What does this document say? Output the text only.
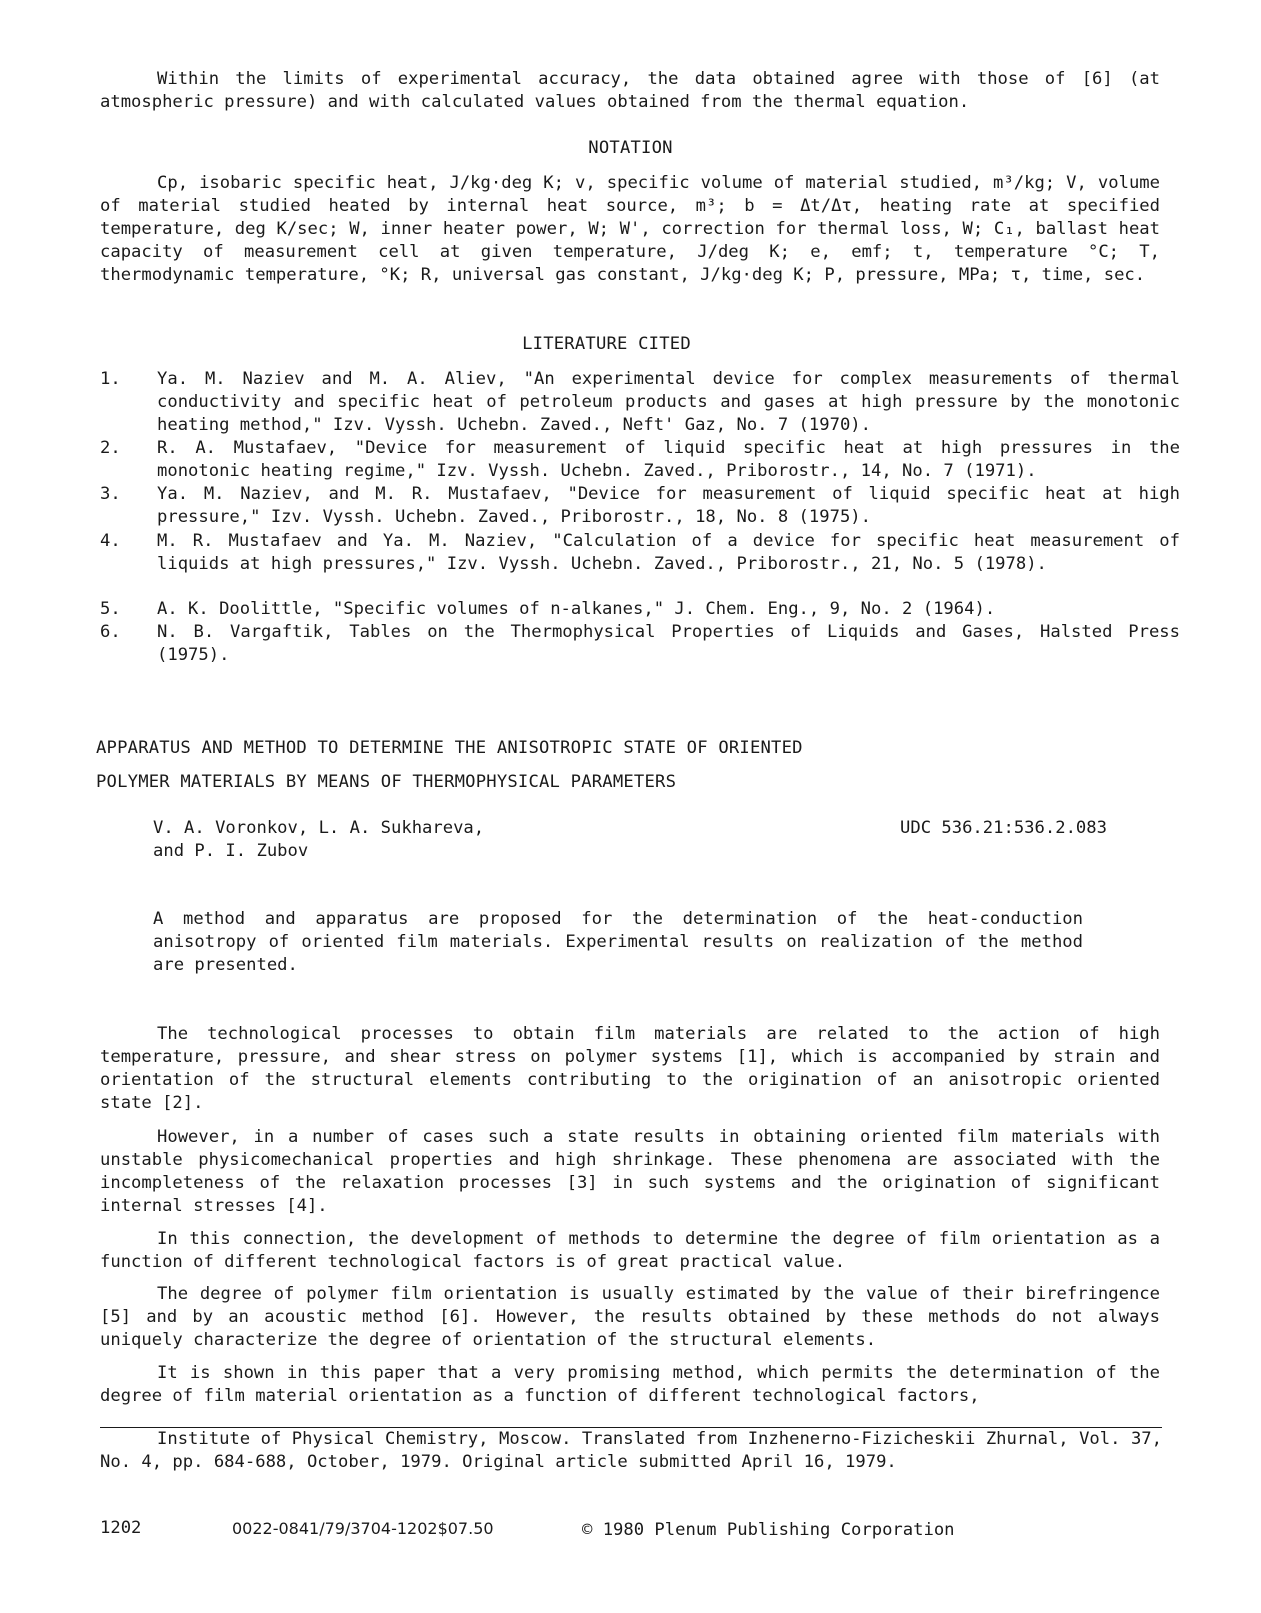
Within the limits of experimental accuracy, the data obtained agree with those of [6] (at atmospheric pressure) and with calculated values obtained from the thermal equation.

NOTATION

Cp, isobaric specific heat, J/kg·deg K; v, specific volume of material studied, m³/kg; V, volume of material studied heated by internal heat source, m³; b = Δt/Δτ, heating rate at specified temperature, deg K/sec; W, inner heater power, W; W', correction for thermal loss, W; C₁, ballast heat capacity of measurement cell at given temperature, J/deg K; e, emf; t, temperature °C; T, thermodynamic temperature, °K; R, universal gas constant, J/kg·deg K; P, pressure, MPa; τ, time, sec.

LITERATURE CITED

1. Ya. M. Naziev and M. A. Aliev, "An experimental device for complex measurements of thermal conductivity and specific heat of petroleum products and gases at high pressure by the monotonic heating method," Izv. Vyssh. Uchebn. Zaved., Neft' Gaz, No. 7 (1970).

2. R. A. Mustafaev, "Device for measurement of liquid specific heat at high pressures in the monotonic heating regime," Izv. Vyssh. Uchebn. Zaved., Priborostr., 14, No. 7 (1971).

3. Ya. M. Naziev, and M. R. Mustafaev, "Device for measurement of liquid specific heat at high pressure," Izv. Vyssh. Uchebn. Zaved., Priborostr., 18, No. 8 (1975).

4. M. R. Mustafaev and Ya. M. Naziev, "Calculation of a device for specific heat measurement of liquids at high pressures," Izv. Vyssh. Uchebn. Zaved., Priborostr., 21, No. 5 (1978).

5. A. K. Doolittle, "Specific volumes of n-alkanes," J. Chem. Eng., 9, No. 2 (1964).

6. N. B. Vargaftik, Tables on the Thermophysical Properties of Liquids and Gases, Halsted Press (1975).

APPARATUS AND METHOD TO DETERMINE THE ANISOTROPIC STATE OF ORIENTED

POLYMER MATERIALS BY MEANS OF THERMOPHYSICAL PARAMETERS

V. A. Voronkov, L. A. Sukhareva,

and P. I. Zubov

UDC 536.21:536.2.083

A method and apparatus are proposed for the determination of the heat-conduction anisotropy of oriented film materials. Experimental results on realization of the method are presented.

The technological processes to obtain film materials are related to the action of high temperature, pressure, and shear stress on polymer systems [1], which is accompanied by strain and orientation of the structural elements contributing to the origination of an anisotropic oriented state [2].

However, in a number of cases such a state results in obtaining oriented film materials with unstable physicomechanical properties and high shrinkage. These phenomena are associated with the incompleteness of the relaxation processes [3] in such systems and the origination of significant internal stresses [4].

In this connection, the development of methods to determine the degree of film orientation as a function of different technological factors is of great practical value.

The degree of polymer film orientation is usually estimated by the value of their birefringence [5] and by an acoustic method [6]. However, the results obtained by these methods do not always uniquely characterize the degree of orientation of the structural elements.

It is shown in this paper that a very promising method, which permits the determination of the degree of film material orientation as a function of different technological factors,

Institute of Physical Chemistry, Moscow. Translated from Inzhenerno-Fizicheskii Zhurnal, Vol. 37, No. 4, pp. 684-688, October, 1979. Original article submitted April 16, 1979.

1202	0022-0841/79/3704-1202$07.50	© 1980 Plenum Publishing Corporation
